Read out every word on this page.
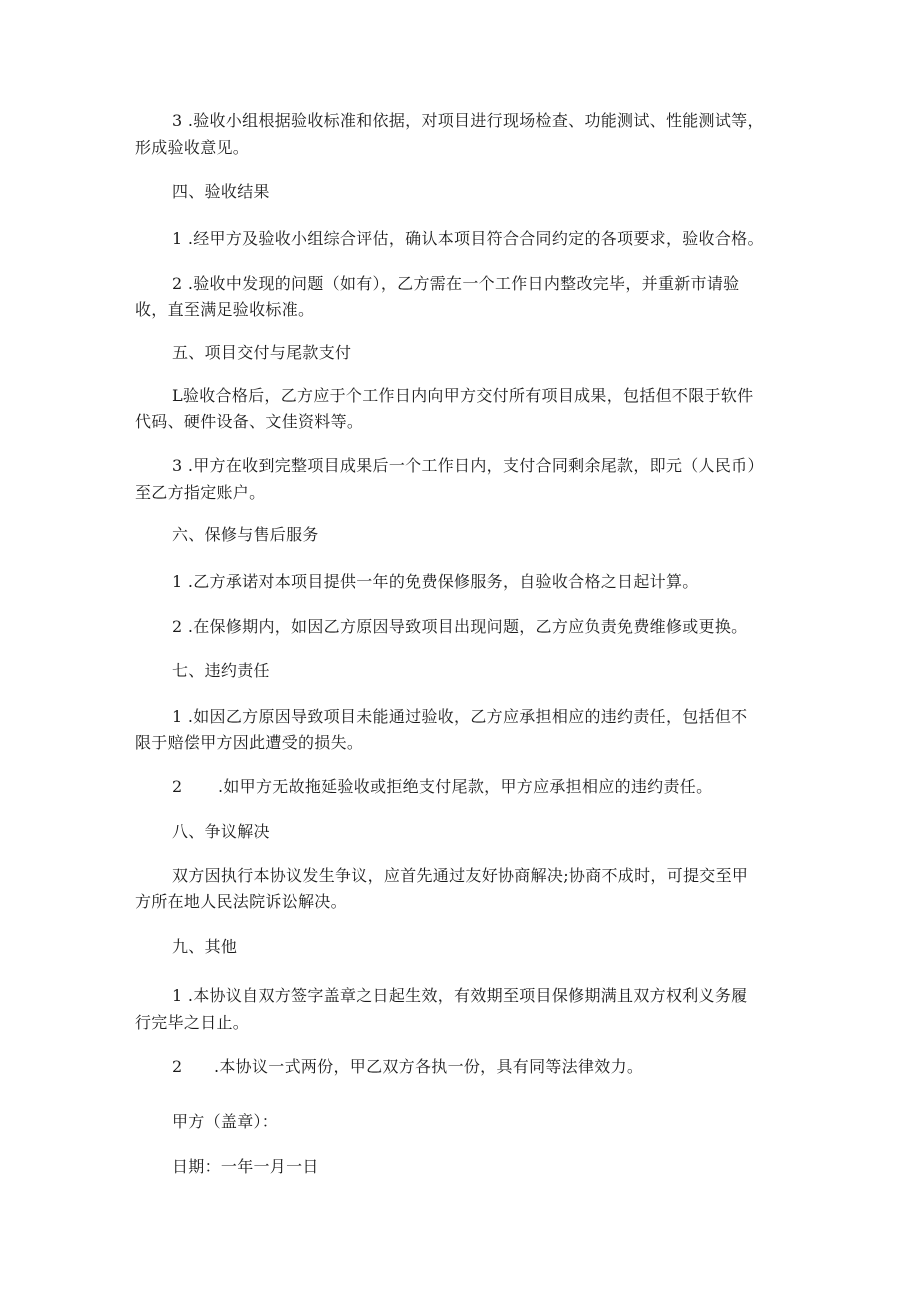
3 .验收小组根据验收标准和依据，对项目进行现场检查、功能测试、性能测试等，
形成验收意见。
四、验收结果
1 .经甲方及验收小组综合评估，确认本项目符合合同约定的各项要求，验收合格。
2 .验收中发现的问题（如有），乙方需在一个工作日内整改完毕，并重新市请验
收，直至满足验收标准。
五、项目交付与尾款支付
L验收合格后，乙方应于个工作日内向甲方交付所有项目成果，包括但不限于软件
代码、硬件设备、文佳资料等。
3 .甲方在收到完整项目成果后一个工作日内，支付合同剩余尾款，即元（人民币）
至乙方指定账户。
六、保修与售后服务
1 .乙方承诺对本项目提供一年的免费保修服务，自验收合格之日起计算。
2 .在保修期内，如因乙方原因导致项目出现问题，乙方应负责免费维修或更换。
七、违约责任
1 .如因乙方原因导致项目未能通过验收，乙方应承担相应的违约责任，包括但不
限于赔偿甲方因此遭受的损失。
2 .如甲方无故拖延验收或拒绝支付尾款，甲方应承担相应的违约责任。
八、争议解决
双方因执行本协议发生争议，应首先通过友好协商解决;协商不成时，可提交至甲
方所在地人民法院诉讼解决。
九、其他
1 .本协议自双方签字盖章之日起生效，有效期至项目保修期满且双方权利义务履
行完毕之日止。
2 .本协议一式两份，甲乙双方各执一份，具有同等法律效力。
甲方（盖章）：
日期：一年一月一日
